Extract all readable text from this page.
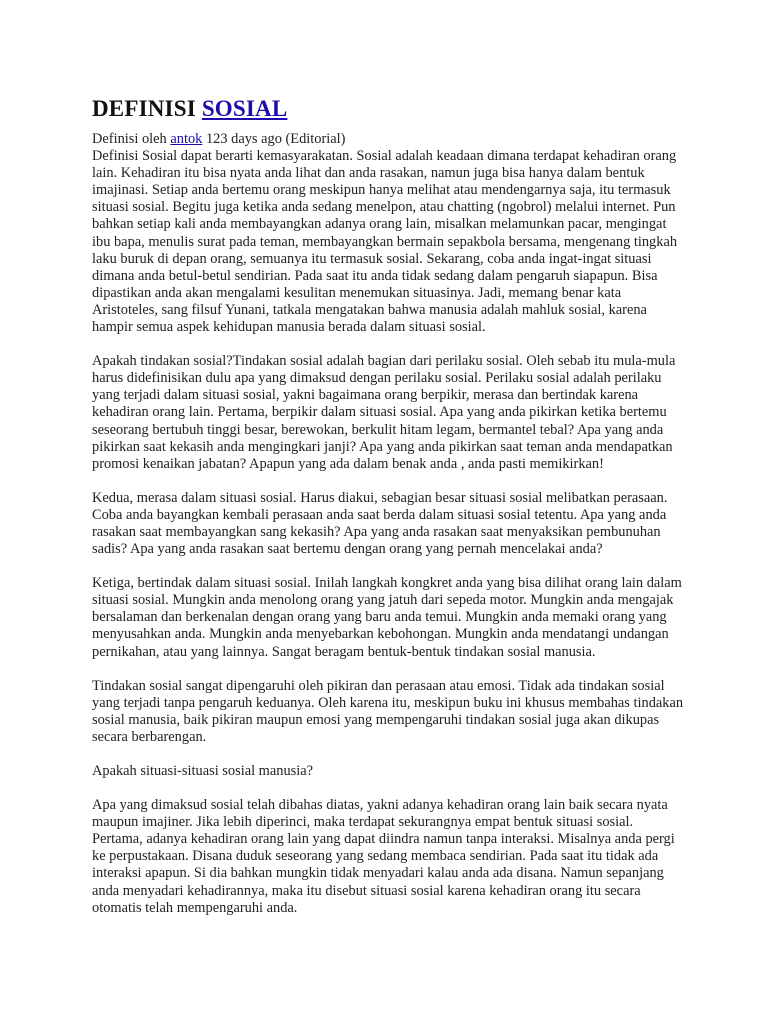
DEFINISI SOSIAL
Definisi oleh antok 123 days ago (Editorial)

Definisi Sosial dapat berarti kemasyarakatan. Sosial adalah keadaan dimana terdapat kehadiran orang lain. Kehadiran itu bisa nyata anda lihat dan anda rasakan, namun juga bisa hanya dalam bentuk imajinasi. Setiap anda bertemu orang meskipun hanya melihat atau mendengarnya saja, itu termasuk situasi sosial. Begitu juga ketika anda sedang menelpon, atau chatting (ngobrol) melalui internet. Pun bahkan setiap kali anda membayangkan adanya orang lain, misalkan melamunkan pacar, mengingat ibu bapa, menulis surat pada teman, membayangkan bermain sepakbola bersama, mengenang tingkah laku buruk di depan orang, semuanya itu termasuk sosial. Sekarang, coba anda ingat-ingat situasi dimana anda betul-betul sendirian. Pada saat itu anda tidak sedang dalam pengaruh siapapun. Bisa dipastikan anda akan mengalami kesulitan menemukan situasinya. Jadi, memang benar kata Aristoteles, sang filsuf Yunani, tatkala mengatakan bahwa manusia adalah mahluk sosial, karena hampir semua aspek kehidupan manusia berada dalam situasi sosial.

Apakah tindakan sosial?Tindakan sosial adalah bagian dari perilaku sosial. Oleh sebab itu mula-mula harus didefinisikan dulu apa yang dimaksud dengan perilaku sosial. Perilaku sosial adalah perilaku yang terjadi dalam situasi sosial, yakni bagaimana orang berpikir, merasa dan bertindak karena kehadiran orang lain. Pertama, berpikir dalam situasi sosial. Apa yang anda pikirkan ketika bertemu seseorang bertubuh tinggi besar, berewokan, berkulit hitam legam, bermantel tebal? Apa yang anda pikirkan saat kekasih anda mengingkari janji? Apa yang anda pikirkan saat teman anda mendapatkan promosi kenaikan jabatan? Apapun yang ada dalam benak anda , anda pasti memikirkan!

Kedua, merasa dalam situasi sosial. Harus diakui, sebagian besar situasi sosial melibatkan perasaan. Coba anda bayangkan kembali perasaan anda saat berda dalam situasi sosial tetentu. Apa yang anda rasakan saat membayangkan sang kekasih? Apa yang anda rasakan saat menyaksikan pembunuhan sadis? Apa yang anda rasakan saat bertemu dengan orang yang pernah mencelakai anda?

Ketiga, bertindak dalam situasi sosial. Inilah langkah kongkret anda yang bisa dilihat orang lain dalam situasi sosial. Mungkin anda menolong orang yang jatuh dari sepeda motor. Mungkin anda mengajak bersalaman dan berkenalan dengan orang yang baru anda temui. Mungkin anda memaki orang yang menyusahkan anda. Mungkin anda menyebarkan kebohongan. Mungkin anda mendatangi undangan pernikahan, atau yang lainnya. Sangat beragam bentuk-bentuk tindakan sosial manusia.

Tindakan sosial sangat dipengaruhi oleh pikiran dan perasaan atau emosi. Tidak ada tindakan sosial yang terjadi tanpa pengaruh keduanya. Oleh karena itu, meskipun buku ini khusus membahas tindakan sosial manusia, baik pikiran maupun emosi yang mempengaruhi tindakan sosial juga akan dikupas secara berbarengan.

Apakah situasi-situasi sosial manusia?

Apa yang dimaksud sosial telah dibahas diatas, yakni adanya kehadiran orang lain baik secara nyata maupun imajiner. Jika lebih diperinci, maka terdapat sekurangnya empat bentuk situasi sosial. Pertama, adanya kehadiran orang lain yang dapat diindra namun tanpa interaksi. Misalnya anda pergi ke perpustakaan. Disana duduk seseorang yang sedang membaca sendirian. Pada saat itu tidak ada interaksi apapun. Si dia bahkan mungkin tidak menyadari kalau anda ada disana. Namun sepanjang anda menyadari kehadirannya, maka itu disebut situasi sosial karena kehadiran orang itu secara otomatis telah mempengaruhi anda.
